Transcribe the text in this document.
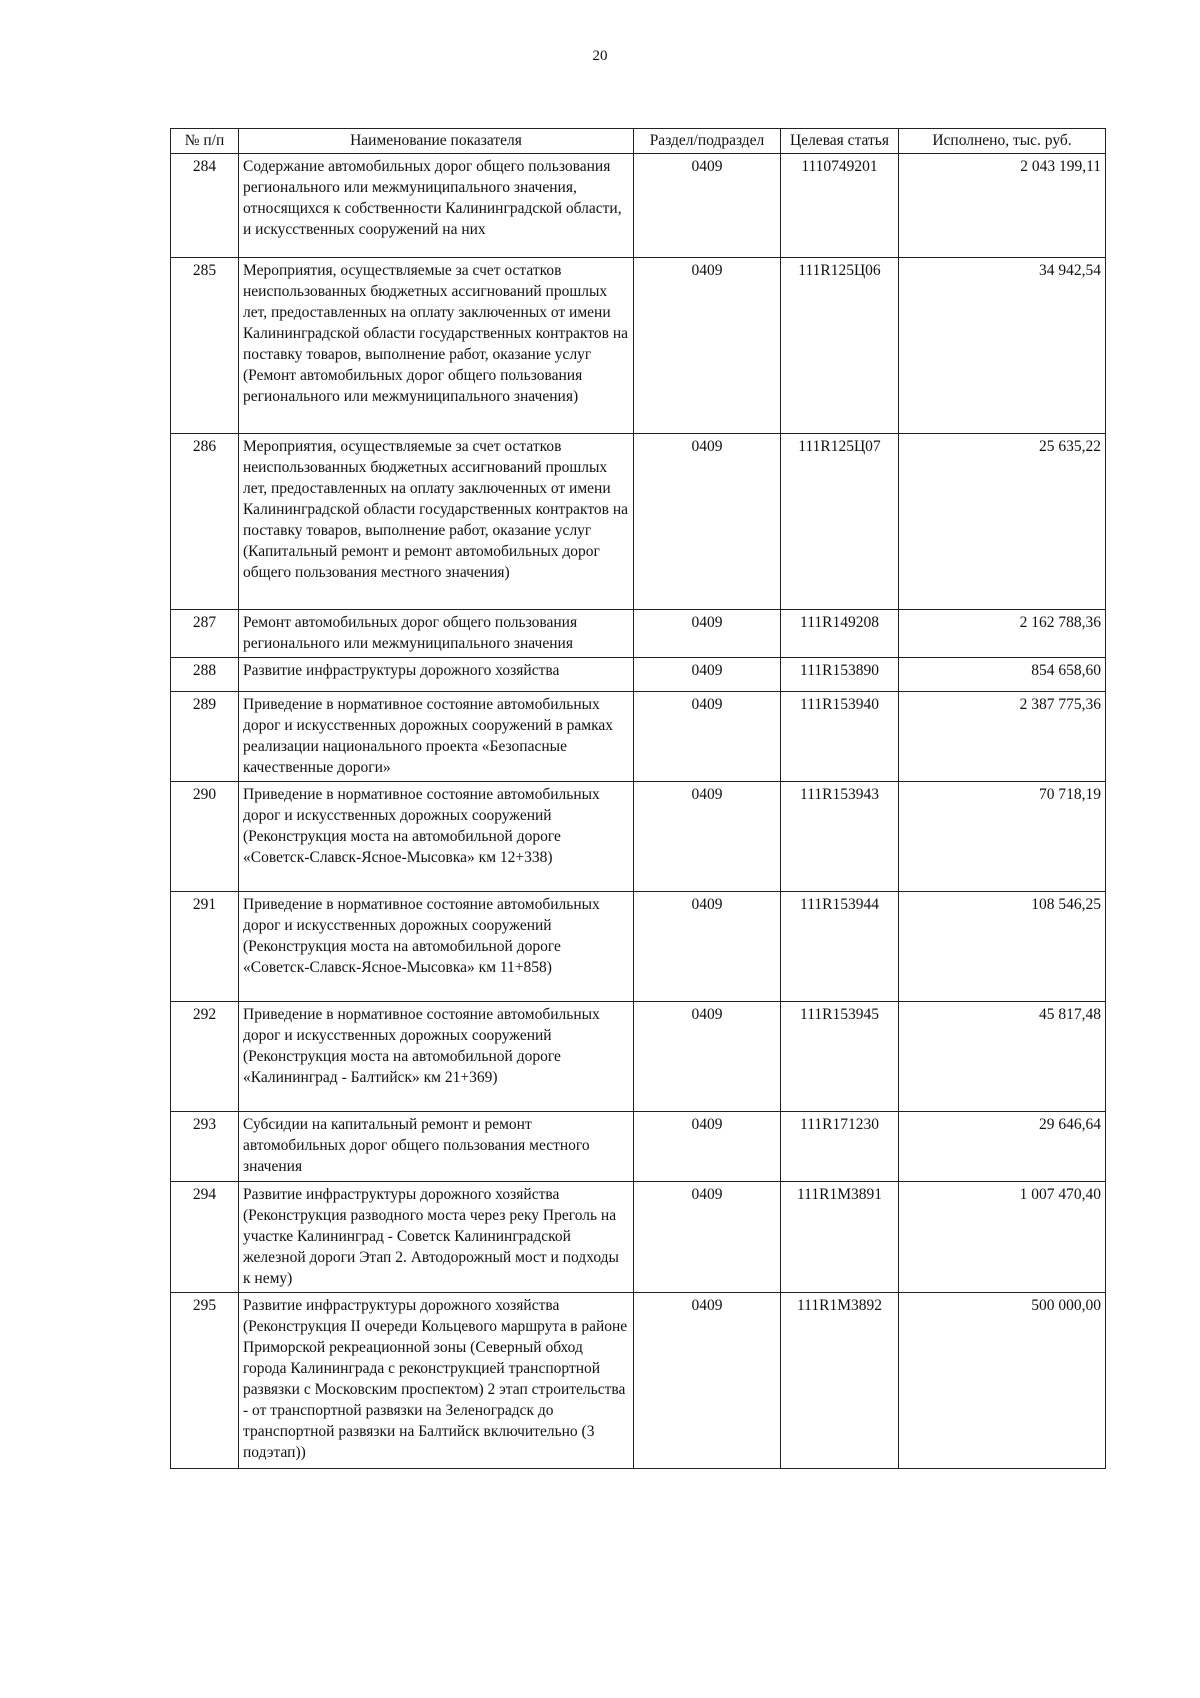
20
№ п/п	Наименование показателя	Раздел/подраздел	Целевая статья	Исполнено, тыс. руб.
284	Содержание автомобильных дорог общего пользования регионального или межмуниципального значения, относящихся к собственности Калининградской области, и искусственных сооружений на них	0409	1110749201	2 043 199,11
285	Мероприятия, осуществляемые за счет остатков неиспользованных бюджетных ассигнований прошлых лет, предоставленных на оплату заключенных от имени Калининградской области государственных контрактов на поставку товаров, выполнение работ, оказание услуг (Ремонт автомобильных дорог общего пользования регионального или межмуниципального значения)	0409	111R125Ц06	34 942,54
286	Мероприятия, осуществляемые за счет остатков неиспользованных бюджетных ассигнований прошлых лет, предоставленных на оплату заключенных от имени Калининградской области государственных контрактов на поставку товаров, выполнение работ, оказание услуг (Капитальный ремонт и ремонт автомобильных дорог общего пользования местного значения)	0409	111R125Ц07	25 635,22
287	Ремонт автомобильных дорог общего пользования регионального или межмуниципального значения	0409	111R149208	2 162 788,36
288	Развитие инфраструктуры дорожного хозяйства	0409	111R153890	854 658,60
289	Приведение в нормативное состояние автомобильных дорог и искусственных дорожных сооружений в рамках реализации национального проекта «Безопасные качественные дороги»	0409	111R153940	2 387 775,36
290	Приведение в нормативное состояние автомобильных дорог и искусственных дорожных сооружений (Реконструкция моста на автомобильной дороге «Советск-Славск-Ясное-Мысовка» км 12+338)	0409	111R153943	70 718,19
291	Приведение в нормативное состояние автомобильных дорог и искусственных дорожных сооружений (Реконструкция моста на автомобильной дороге «Советск-Славск-Ясное-Мысовка» км 11+858)	0409	111R153944	108 546,25
292	Приведение в нормативное состояние автомобильных дорог и искусственных дорожных сооружений (Реконструкция моста на автомобильной дороге «Калининград - Балтийск» км 21+369)	0409	111R153945	45 817,48
293	Субсидии на капитальный ремонт и ремонт автомобильных дорог общего пользования местного значения	0409	111R171230	29 646,64
294	Развитие инфраструктуры дорожного хозяйства (Реконструкция разводного моста через реку Преголь на участке Калининград - Советск Калининградской железной дороги Этап 2. Автодорожный мост и подходы к нему)	0409	111R1M3891	1 007 470,40
295	Развитие инфраструктуры дорожного хозяйства (Реконструкция II очереди Кольцевого маршрута в районе Приморской рекреационной зоны (Северный обход города Калининграда с реконструкцией транспортной развязки с Московским проспектом) 2 этап строительства - от транспортной развязки на Зеленоградск до транспортной развязки на Балтийск включительно (3 подэтап))	0409	111R1M3892	500 000,00
